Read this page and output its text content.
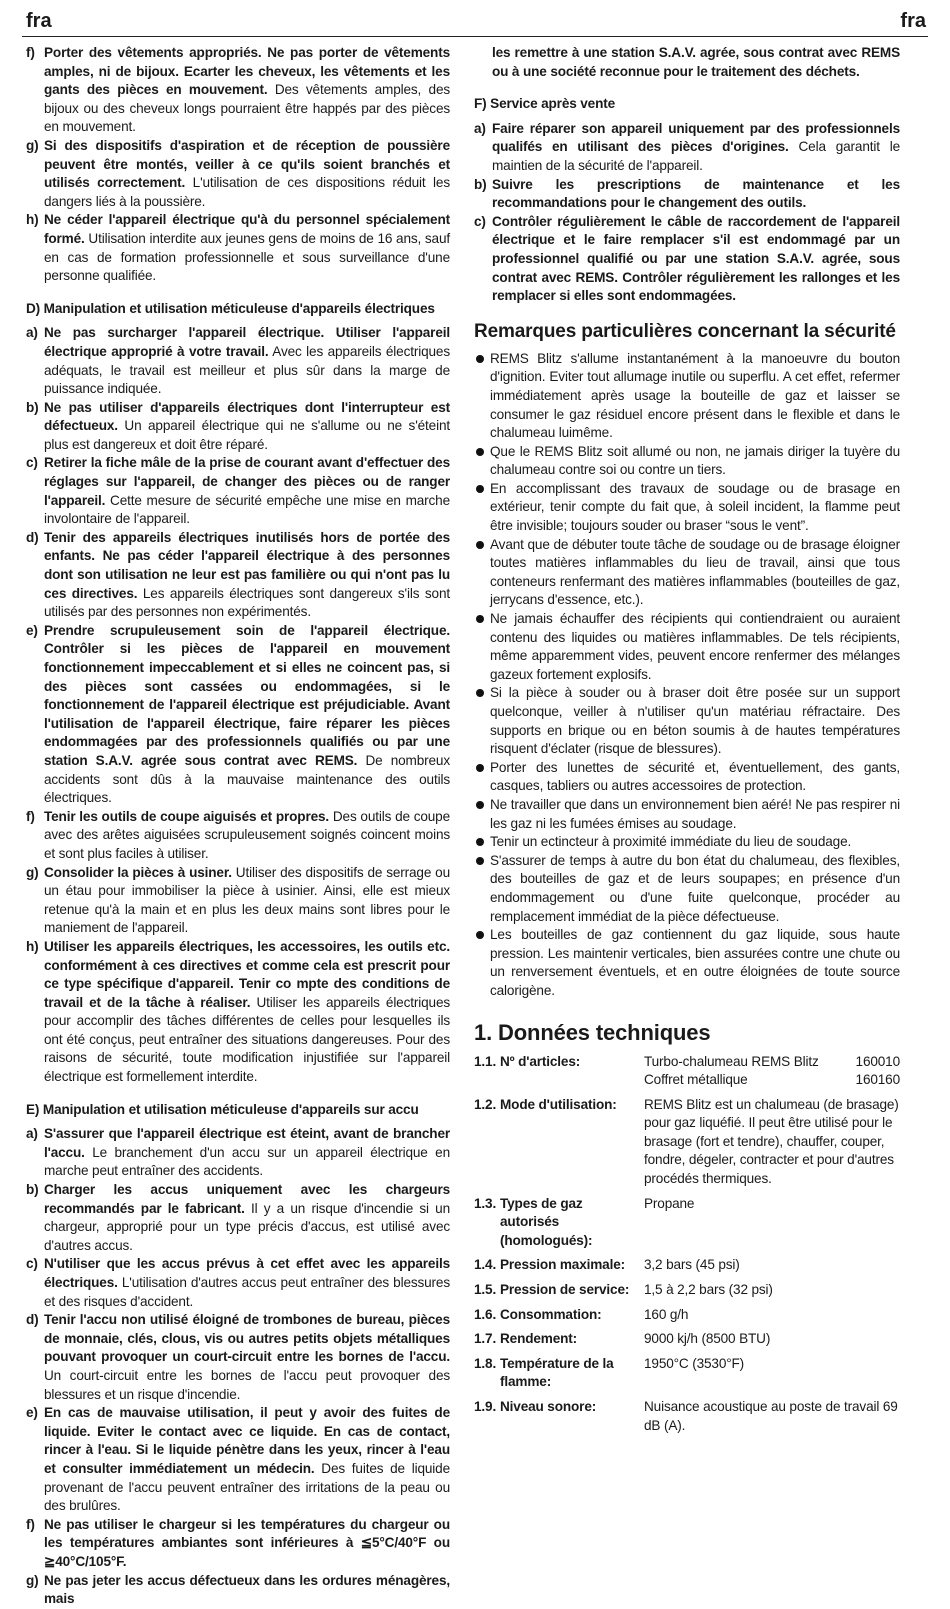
fra	fra
f) Porter des vêtements appropriés. Ne pas porter de vêtements amples, ni de bijoux. Ecarter les cheveux, les vêtements et les gants des pièces en mouvement. Des vêtements amples, des bijoux ou des cheveux longs pourraient être happés par des pièces en mouvement.
g) Si des dispositifs d'aspiration et de réception de poussière peuvent être montés, veiller à ce qu'ils soient branchés et utilisés correctement. L'utilisation de ces dispositions réduit les dangers liés à la poussière.
h) Ne céder l'appareil électrique qu'à du personnel spécialement formé. Utilisation interdite aux jeunes gens de moins de 16 ans, sauf en cas de formation professionnelle et sous surveillance d'une personne qualifiée.
D) Manipulation et utilisation méticuleuse d'appareils électriques
a) Ne pas surcharger l'appareil électrique. Utiliser l'appareil électrique approprié à votre travail. Avec les appareils électriques adéquats, le travail est meilleur et plus sûr dans la marge de puissance indiquée.
b) Ne pas utiliser d'appareils électriques dont l'interrupteur est défectueux. Un appareil électrique qui ne s'allume ou ne s'éteint plus est dangereux et doit être réparé.
c) Retirer la fiche mâle de la prise de courant avant d'effectuer des réglages sur l'appareil, de changer des pièces ou de ranger l'appareil. Cette mesure de sécurité empêche une mise en marche involontaire de l'appareil.
d) Tenir des appareils électriques inutilisés hors de portée des enfants. Ne pas céder l'appareil électrique à des personnes dont son utilisation ne leur est pas familière ou qui n'ont pas lu ces directives. Les appareils électriques sont dangereux s'ils sont utilisés par des personnes non expérimentés.
e) Prendre scrupuleusement soin de l'appareil électrique. Contrôler si les pièces de l'appareil en mouvement fonctionnement impeccablement et si elles ne coincent pas, si des pièces sont cassées ou endommagées, si le fonctionnement de l'appareil électrique est préjudiciable. Avant l'utilisation de l'appareil électrique, faire réparer les pièces endommagées par des professionnels qualifiés ou par une station S.A.V. agrée sous contrat avec REMS. De nombreux accidents sont dûs à la mauvaise maintenance des outils électriques.
f) Tenir les outils de coupe aiguisés et propres. Des outils de coupe avec des arêtes aiguisées scrupuleusement soignés coincent moins et sont plus faciles à utiliser.
g) Consolider la pièces à usiner. Utiliser des dispositifs de serrage ou un étau pour immobiliser la pièce à usinier. Ainsi, elle est mieux retenue qu'à la main et en plus les deux mains sont libres pour le maniement de l'appareil.
h) Utiliser les appareils électriques, les accessoires, les outils etc. conformément à ces directives et comme cela est prescrit pour ce type spécifique d'appareil. Tenir co mpte des conditions de travail et de la tâche à réaliser. Utiliser les appareils électriques pour accomplir des tâches différentes de celles pour lesquelles ils ont été conçus, peut entraîner des situations dangereuses. Pour des raisons de sécurité, toute modification injustifiée sur l'appareil électrique est formellement interdite.
E) Manipulation et utilisation méticuleuse d'appareils sur accu
a) S'assurer que l'appareil électrique est éteint, avant de brancher l'accu. Le branchement d'un accu sur un appareil électrique en marche peut entraîner des accidents.
b) Charger les accus uniquement avec les chargeurs recommandés par le fabricant. Il y a un risque d'incendie si un chargeur, approprié pour un type précis d'accus, est utilisé avec d'autres accus.
c) N'utiliser que les accus prévus à cet effet avec les appareils électriques. L'utilisation d'autres accus peut entraîner des blessures et des risques d'accident.
d) Tenir l'accu non utilisé éloigné de trombones de bureau, pièces de monnaie, clés, clous, vis ou autres petits objets métalliques pouvant provoquer un court-circuit entre les bornes de l'accu. Un court-circuit entre les bornes de l'accu peut provoquer des blessures et un risque d'incendie.
e) En cas de mauvaise utilisation, il peut y avoir des fuites de liquide. Eviter le contact avec ce liquide. En cas de contact, rincer à l'eau. Si le liquide pénètre dans les yeux, rincer à l'eau et consulter immédiatement un médecin. Des fuites de liquide provenant de l'accu peuvent entraîner des irritations de la peau ou des brulûres.
f) Ne pas utiliser le chargeur si les températures du chargeur ou les températures ambiantes sont inférieures à ≦5°C/40°F ou ≧40°C/105°F.
g) Ne pas jeter les accus défectueux dans les ordures ménagères, mais
les remettre à une station S.A.V. agrée, sous contrat avec REMS ou à une société reconnue pour le traitement des déchets.
F) Service après vente
a) Faire réparer son appareil uniquement par des professionnels qualifés en utilisant des pièces d'origines. Cela garantit le maintien de la sécurité de l'appareil.
b) Suivre les prescriptions de maintenance et les recommandations pour le changement des outils.
c) Contrôler régulièrement le câble de raccordement de l'appareil électrique et le faire remplacer s'il est endommagé par un professionnel qualifié ou par une station S.A.V. agrée, sous contrat avec REMS. Contrôler régulièrement les rallonges et les remplacer si elles sont endommagées.
Remarques particulières concernant la sécurité
REMS Blitz s'allume instantanément à la manoeuvre du bouton d'ignition. Eviter tout allumage inutile ou superflu. A cet effet, refermer immédiatement après usage la bouteille de gaz et laisser se consumer le gaz résiduel encore présent dans le flexible et dans le chalumeau luimême.
Que le REMS Blitz soit allumé ou non, ne jamais diriger la tuyère du chalumeau contre soi ou contre un tiers.
En accomplissant des travaux de soudage ou de brasage en extérieur, tenir compte du fait que, à soleil incident, la flamme peut être invisible; toujours souder ou braser “sous le vent”.
Avant que de débuter toute tâche de soudage ou de brasage éloigner toutes matières inflammables du lieu de travail, ainsi que tous conteneurs renfermant des matières inflammables (bouteilles de gaz, jerrycans d'essence, etc.).
Ne jamais échauffer des récipients qui contiendraient ou auraient contenu des liquides ou matières inflammables. De tels récipients, même apparemment vides, peuvent encore renfermer des mélanges gazeux fortement explosifs.
Si la pièce à souder ou à braser doit être posée sur un support quelconque, veiller à n'utiliser qu'un matériau réfractaire. Des supports en brique ou en béton soumis à de hautes températures risquent d'éclater (risque de blessures).
Porter des lunettes de sécurité et, éventuellement, des gants, casques, tabliers ou autres accessoires de protection.
Ne travailler que dans un environnement bien aéré! Ne pas respirer ni les gaz ni les fumées émises au soudage.
Tenir un ectincteur à proximité immédiate du lieu de soudage.
S'assurer de temps à autre du bon état du chalumeau, des flexibles, des bouteilles de gaz et de leurs soupapes; en présence d'un endommagement ou d'une fuite quelconque, procéder au remplacement immédiat de la pièce défectueuse.
Les bouteilles de gaz contiennent du gaz liquide, sous haute pression. Les maintenir verticales, bien assurées contre une chute ou un renversement éventuels, et en outre éloignées de toute source calorigène.
1. Données techniques
1.1. Nº d'articles:	Turbo-chalumeau REMS Blitz	160010
	Coffret métallique	160160
1.2. Mode d'utilisation:	REMS Blitz est un chalumeau (de brasage) pour gaz liquéfié. Il peut être utilisé pour le brasage (fort et tendre), chauffer, couper, fondre, dégeler, contracter et pour d'autres procédés thermiques.	
1.3. Types de gaz autorisés (homologués):	Propane	
1.4. Pression maximale:	3,2 bars (45 psi)	
1.5. Pression de service:	1,5 à 2,2 bars (32 psi)	
1.6. Consommation:	160 g/h	
1.7. Rendement:	9000 kj/h (8500 BTU)	
1.8. Température de la flamme:	1950°C (3530°F)	
1.9. Niveau sonore:	Nuisance acoustique au poste de travail 69 dB (A).	
